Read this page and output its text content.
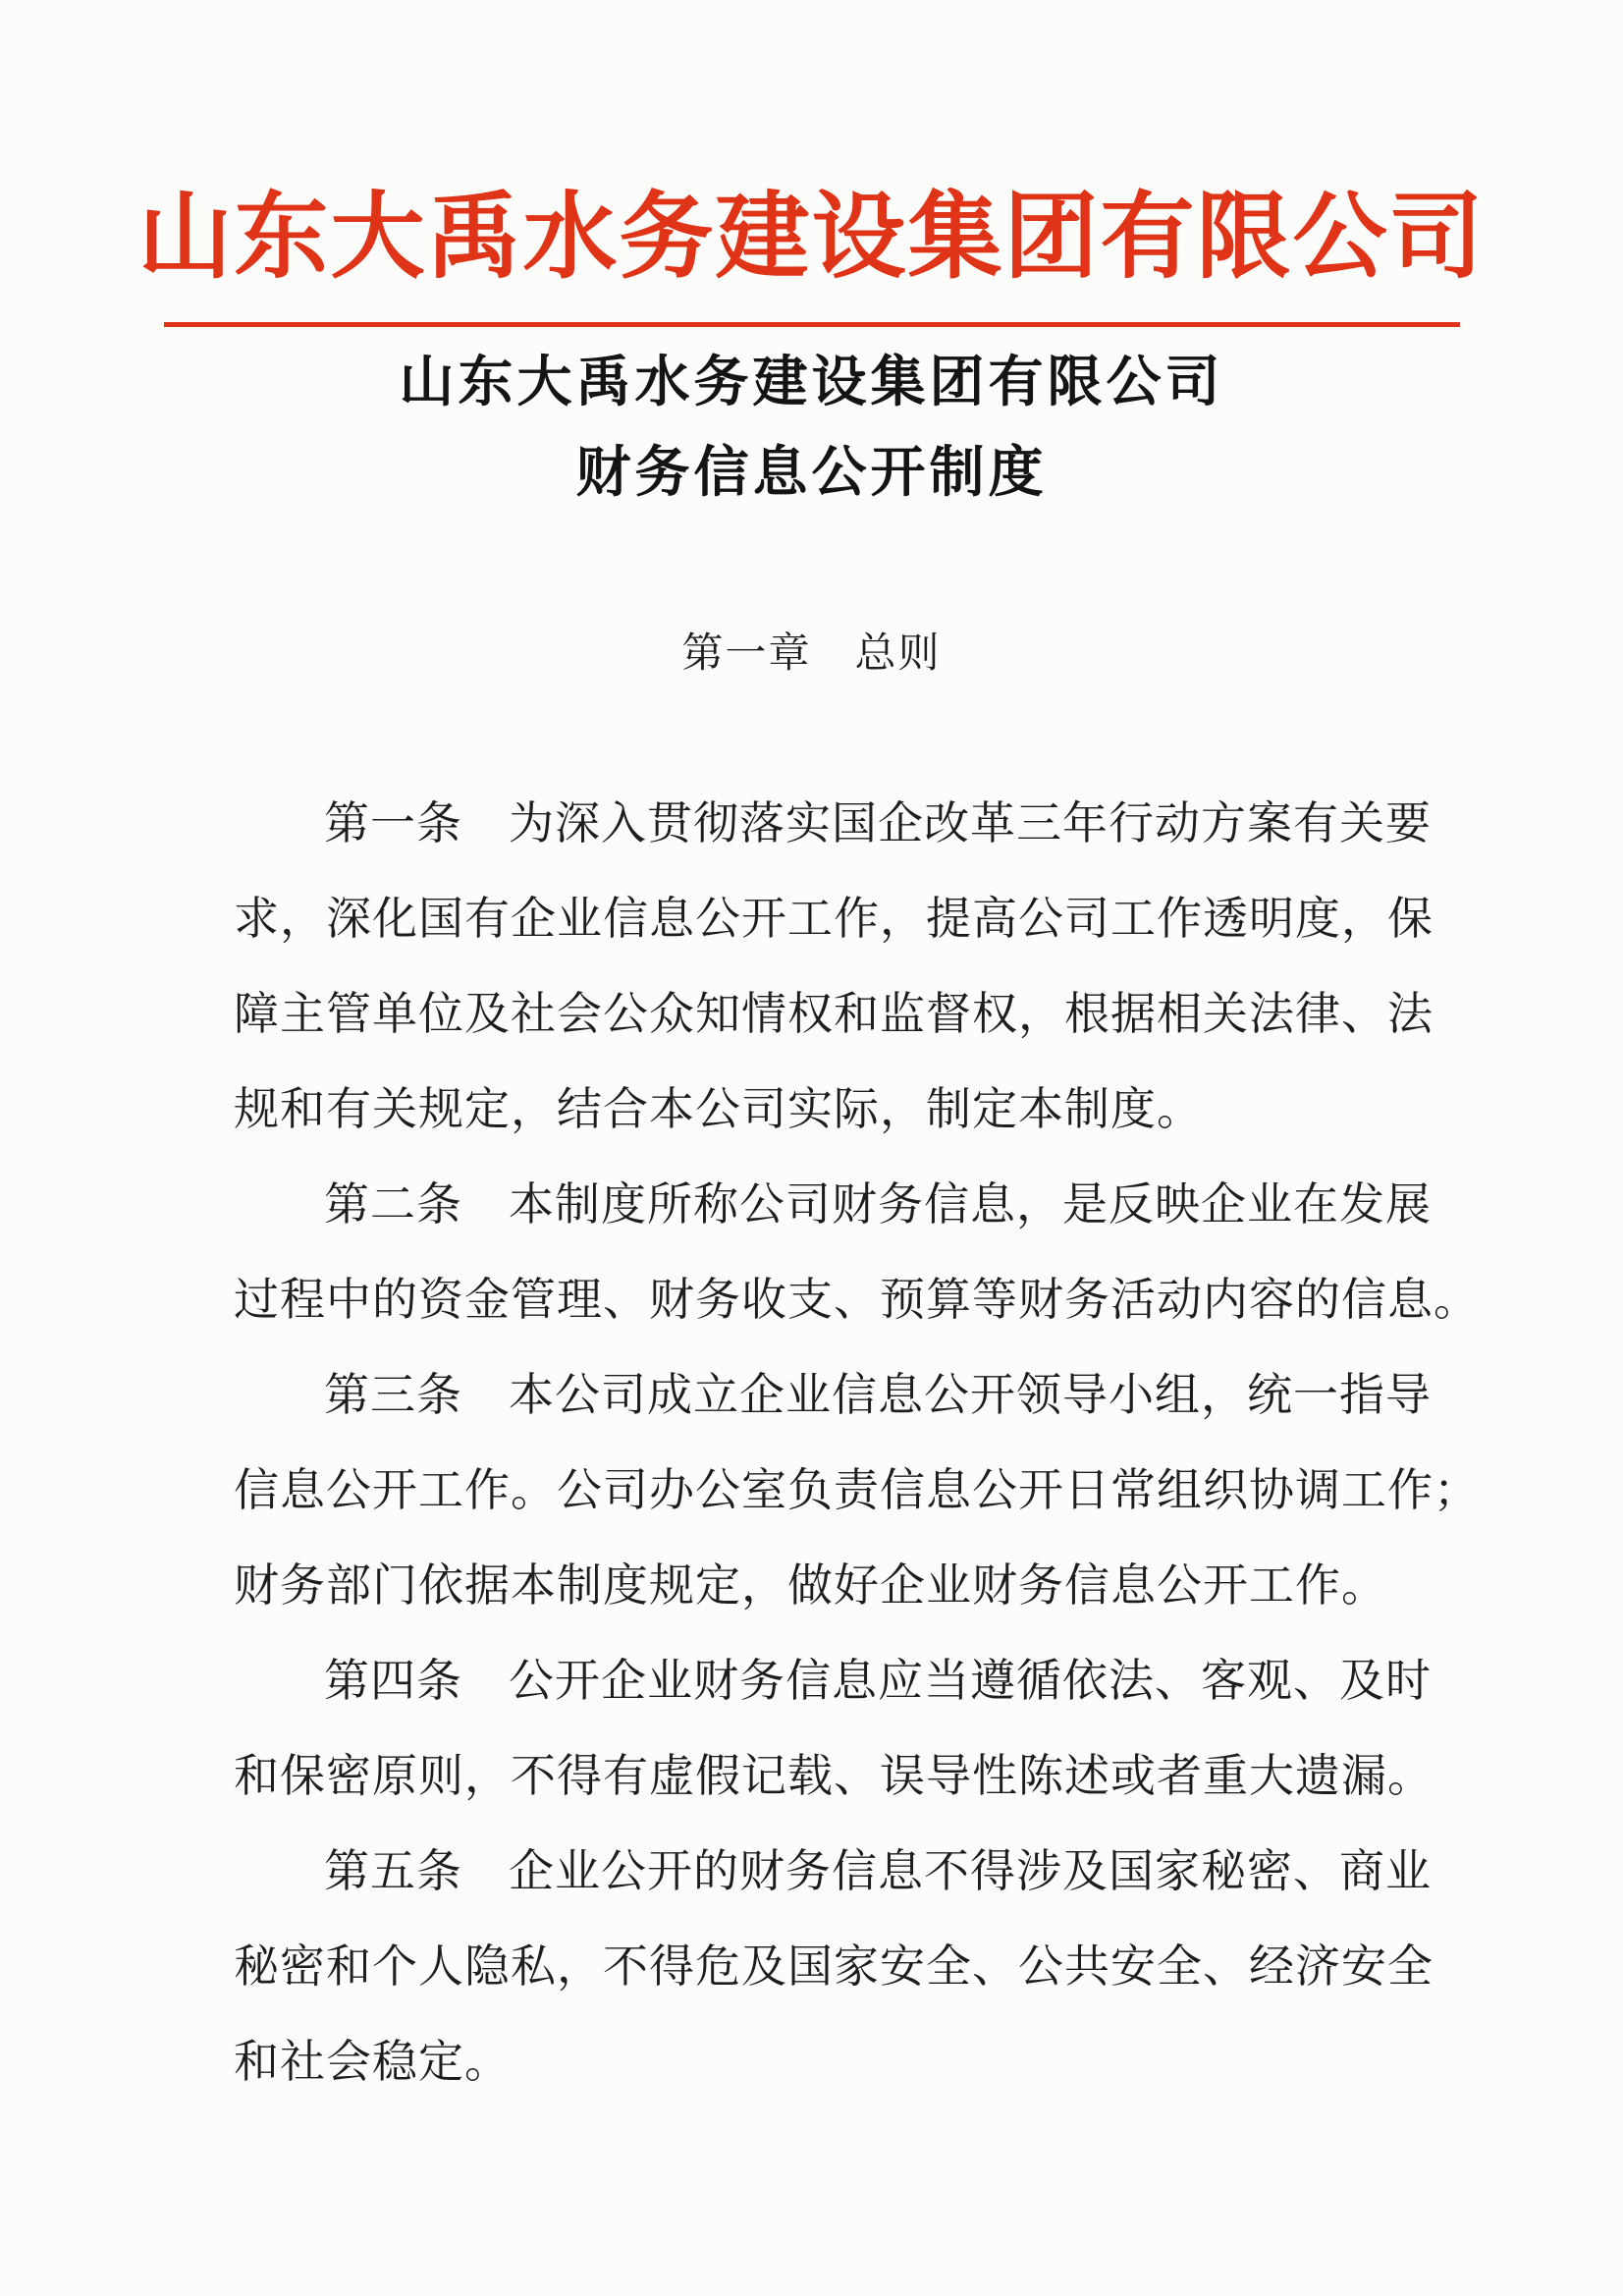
山东大禹水务建设集团有限公司
山东大禹水务建设集团有限公司
财务信息公开制度
第一章　总则

第一条　为深入贯彻落实国企改革三年行动方案有关要

求，深化国有企业信息公开工作，提高公司工作透明度，保

障主管单位及社会公众知情权和监督权，根据相关法律、法

规和有关规定，结合本公司实际，制定本制度。

第二条　本制度所称公司财务信息，是反映企业在发展

过程中的资金管理、财务收支、预算等财务活动内容的信息。

第三条　本公司成立企业信息公开领导小组，统一指导

信息公开工作。公司办公室负责信息公开日常组织协调工作；

财务部门依据本制度规定，做好企业财务信息公开工作。

第四条　公开企业财务信息应当遵循依法、客观、及时

和保密原则，不得有虚假记载、误导性陈述或者重大遗漏。

第五条　企业公开的财务信息不得涉及国家秘密、商业

秘密和个人隐私，不得危及国家安全、公共安全、经济安全

和社会稳定。
